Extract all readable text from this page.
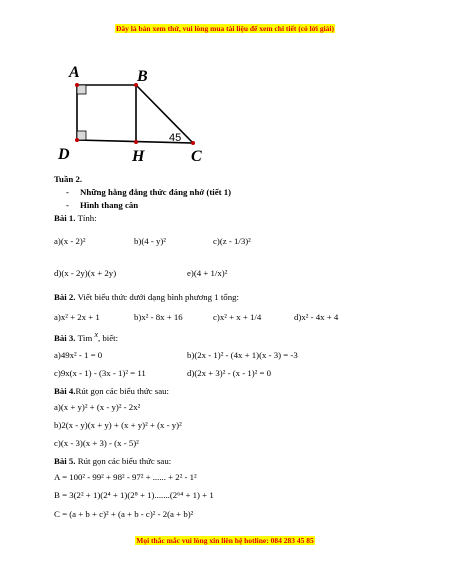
Đây là bản xem thử, vui lòng mua tài liệu để xem chi tiết (có lời giải)
A	B
C
D	H
45
Tuần 2.
- Những hằng đẳng thức đáng nhớ (tiết 1)
- Hình thang cân
Bài 1. Tính:
a)(x - 2)²	b)(4 - y)²	c)(z - 1/3)²
d)(x - 2y)(x + 2y)	e)(4 + 1/x)²
Bài 2. Viết biểu thức dưới dạng bình phương 1 tổng:
a)x² + 2x + 1	b)x² - 8x + 16	c)x² + x + 1/4	d)x² - 4x + 4
Bài 3. Tìm x, biết:
a)49x² - 1 = 0	b)(2x - 1)² - (4x + 1)(x - 3) = -3
c)9x(x - 1) - (3x - 1)² = 11	d)(2x + 3)² - (x - 1)² = 0
Bài 4.Rút gọn các biểu thức sau:
a)(x + y)² + (x - y)² - 2x²
b)2(x - y)(x + y) + (x + y)² + (x - y)²
c)(x - 3)(x + 3) - (x - 5)²
Bài 5. Rút gọn các biểu thức sau:
A = 100² - 99² + 98² - 97² + ...... + 2² - 1²
B = 3(2² + 1)(2⁴ + 1)(2⁸ + 1).......(2⁶⁴ + 1) + 1
C = (a + b + c)² + (a + b - c)² - 2(a + b)²
Mọi thắc mắc vui lòng xin liên hệ hotline: 084 283 45 85
